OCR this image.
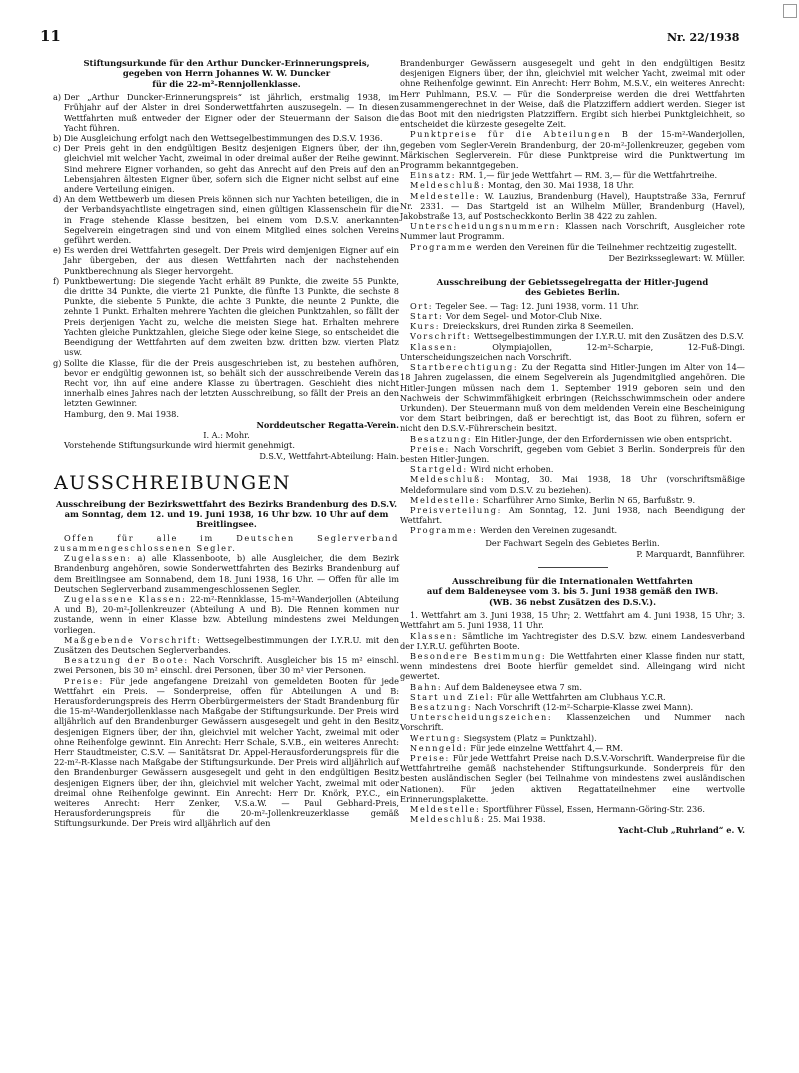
11	Nr. 22/1938
Stiftungsurkunde für den Arthur Duncker-Erinnerungspreis,
gegeben von Herrn Johannes W. W. Duncker
für die 22-m²-Rennjollenklasse.

a) Der „Arthur Duncker-Erinnerungspreis“ ist jährlich, erstmalig 1938, im Frühjahr auf der Alster in drei Sonderwettfahrten auszusegeln. — In diesen Wettfahrten muß entweder der Eigner oder der Steuermann der Saison die Yacht führen.

b) Die Ausgleichung erfolgt nach den Wettsegelbestimmungen des D.S.V. 1936.

c) Der Preis geht in den endgültigen Besitz desjenigen Eigners über, der ihn, gleichviel mit welcher Yacht, zweimal in oder dreimal außer der Reihe gewinnt. Sind mehrere Eigner vorhanden, so geht das Anrecht auf den Preis auf den an Lebensjahren ältesten Eigner über, sofern sich die Eigner nicht selbst auf eine andere Verteilung einigen.

d) An dem Wettbewerb um diesen Preis können sich nur Yachten beteiligen, die in der Verbandsyachtliste eingetragen sind, einen gültigen Klassenschein für die in Frage stehende Klasse besitzen, bei einem vom D.S.V. anerkannten Segelverein eingetragen sind und von einem Mitglied eines solchen Vereins geführt werden.

e) Es werden drei Wettfahrten gesegelt. Der Preis wird demjenigen Eigner auf ein Jahr übergeben, der aus diesen Wettfahrten nach der nachstehenden Punktberechnung als Sieger hervorgeht.

f) Punktbewertung: Die siegende Yacht erhält 89 Punkte, die zweite 55 Punkte, die dritte 34 Punkte, die vierte 21 Punkte, die fünfte 13 Punkte, die sechste 8 Punkte, die siebente 5 Punkte, die achte 3 Punkte, die neunte 2 Punkte, die zehnte 1 Punkt. Erhalten mehrere Yachten die gleichen Punktzahlen, so fällt der Preis derjenigen Yacht zu, welche die meisten Siege hat. Erhalten mehrere Yachten gleiche Punktzahlen, gleiche Siege oder keine Siege, so entscheidet die Beendigung der Wettfahrten auf dem zweiten bzw. dritten bzw. vierten Platz usw.

g) Sollte die Klasse, für die der Preis ausgeschrieben ist, zu bestehen aufhören, bevor er endgültig gewonnen ist, so behält sich der ausschreibende Verein das Recht vor, ihn auf eine andere Klasse zu übertragen. Geschieht dies nicht innerhalb eines Jahres nach der letzten Ausschreibung, so fällt der Preis an den letzten Gewinner.

Hamburg, den 9. Mai 1938.

Norddeutscher Regatta-Verein.

I. A.: Mohr.

Vorstehende Stiftungsurkunde wird hiermit genehmigt.

D.S.V., Wettfahrt-Abteilung: Hain.

AUSSCHREIBUNGEN
Ausschreibung der Bezirkswettfahrt des Bezirks Brandenburg des D.S.V. am Sonntag, dem 12. und 19. Juni 1938, 16 Uhr bzw. 10 Uhr auf dem Breitlingsee.

Offen für alle im Deutschen Seglerverband zusammengeschlossenen Segler.

Zugelassen: a) alle Klassenboote, b) alle Ausgleicher, die dem Bezirk Brandenburg angehören, sowie Sonderwettfahrten des Bezirks Brandenburg auf dem Breitlingsee am Sonnabend, dem 18. Juni 1938, 16 Uhr. — Offen für alle im Deutschen Seglerverband zusammengeschlossenen Segler.

Zugelassene Klassen: 22-m²-Rennklasse, 15-m²-Wanderjollen (Abteilung A und B), 20-m²-Jollenkreuzer (Abteilung A und B). Die Rennen kommen nur zustande, wenn in einer Klasse bzw. Abteilung mindestens zwei Meldungen vorliegen.

Maßgebende Vorschrift: Wettsegelbestimmungen der I.Y.R.U. mit den Zusätzen des Deutschen Seglerverbandes.

Besatzung der Boote: Nach Vorschrift. Ausgleicher bis 15 m² einschl. zwei Personen, bis 30 m² einschl. drei Personen, über 30 m² vier Personen.

Preise: Für jede angefangene Dreizahl von gemeldeten Booten für jede Wettfahrt ein Preis. — Sonderpreise, offen für Abteilungen A und B: Herausforderungspreis des Herrn Oberbürgermeisters der Stadt Brandenburg für die 15-m²-Wanderjollenklasse nach Maßgabe der Stiftungsurkunde. Der Preis wird alljährlich auf den Brandenburger Gewässern ausgesegelt und geht in den Besitz desjenigen Eigners über, der ihn, gleichviel mit welcher Yacht, zweimal mit oder ohne Reihenfolge gewinnt. Ein Anrecht: Herr Schale, S.V.B., ein weiteres Anrecht: Herr Staudtmeister, C.S.V. — Sanitätsrat Dr. Appel-Herausforderungspreis für die 22-m²-R-Klasse nach Maßgabe der Stiftungsurkunde. Der Preis wird alljährlich auf den Brandenburger Gewässern ausgesegelt und geht in den endgültigen Besitz desjenigen Eigners über, der ihn, gleichviel mit welcher Yacht, zweimal mit oder dreimal ohne Reihenfolge gewinnt. Ein Anrecht: Herr Dr. Knörk, P.Y.C., ein weiteres Anrecht: Herr Zenker, V.S.a.W. — Paul Gebhard-Preis, Herausforderungspreis für die 20-m²-Jollenkreuzerklasse gemäß Stiftungsurkunde. Der Preis wird alljährlich auf den

Brandenburger Gewässern ausgesegelt und geht in den endgültigen Besitz desjenigen Eigners über, der ihn, gleichviel mit welcher Yacht, zweimal mit oder ohne Reihenfolge gewinnt. Ein Anrecht: Herr Bohm, M.S.V., ein weiteres Anrecht: Herr Puhlmann, P.S.V. — Für die Sonderpreise werden die drei Wettfahrten zusammengerechnet in der Weise, daß die Platzziffern addiert werden. Sieger ist das Boot mit den niedrigsten Platzziffern. Ergibt sich hierbei Punktgleichheit, so entscheidet die kürzeste gesegelte Zeit.

Punktpreise für die Abteilungen B der 15-m²-Wanderjollen, gegeben vom Segler-Verein Brandenburg, der 20-m²-Jollenkreuzer, gegeben vom Märkischen Seglerverein. Für diese Punktpreise wird die Punktwertung im Programm bekanntgegeben.

Einsatz: RM. 1,— für jede Wettfahrt — RM. 3,— für die Wettfahrtreihe.

Meldeschluß: Montag, den 30. Mai 1938, 18 Uhr.

Meldestelle: W. Lauzius, Brandenburg (Havel), Hauptstraße 33a, Fernruf Nr. 2331. — Das Startgeld ist an Wilhelm Müller, Brandenburg (Havel), Jakobstraße 13, auf Postscheckkonto Berlin 38 422 zu zahlen.

Unterscheidungsnummern: Klassen nach Vorschrift, Ausgleicher rote Nummer laut Programm.

Programme werden den Vereinen für die Teilnehmer rechtzeitig zugestellt.

Der Bezirksseglewart: W. Müller.

Ausschreibung der Gebietssegelregatta der Hitler-Jugend
des Gebietes Berlin.

Ort: Tegeler See. — Tag: 12. Juni 1938, vorm. 11 Uhr.

Start: Vor dem Segel- und Motor-Club Nixe.

Kurs: Dreieckskurs, drei Runden zirka 8 Seemeilen.

Vorschrift: Wettsegelbestimmungen der I.Y.R.U. mit den Zusätzen des D.S.V.

Klassen: Olympiajollen, 12-m²-Scharpie, 12-Fuß-Dingi. Unterscheidungszeichen nach Vorschrift.

Startberechtigung: Zu der Regatta sind Hitler-Jungen im Alter von 14—18 Jahren zugelassen, die einem Segelverein als Jugendmitglied angehören. Die Hitler-Jungen müssen nach dem 1. September 1919 geboren sein und den Nachweis der Schwimmfähigkeit erbringen (Reichsschwimmschein oder andere Urkunden). Der Steuermann muß von dem meldenden Verein eine Bescheinigung vor dem Start beibringen, daß er berechtigt ist, das Boot zu führen, sofern er nicht den D.S.V.-Führerschein besitzt.

Besatzung: Ein Hitler-Junge, der den Erfordernissen wie oben entspricht.

Preise: Nach Vorschrift, gegeben vom Gebiet 3 Berlin. Sonderpreis für den besten Hitler-Jungen.

Startgeld: Wird nicht erhoben.

Meldeschluß: Montag, 30. Mai 1938, 18 Uhr (vorschriftsmäßige Meldeformulare sind vom D.S.V. zu beziehen).

Meldestelle: Scharführer Arno Simke, Berlin N 65, Barfußstr. 9.

Preisverteilung: Am Sonntag, 12. Juni 1938, nach Beendigung der Wettfahrt.

Programme: Werden den Vereinen zugesandt.

Der Fachwart Segeln des Gebietes Berlin.

P. Marquardt, Bannführer.

Ausschreibung für die Internationalen Wettfahrten
auf dem Baldeneysee vom 3. bis 5. Juni 1938 gemäß den IWB.
(WB. 36 nebst Zusätzen des D.S.V.).

1. Wettfahrt am 3. Juni 1938, 15 Uhr; 2. Wettfahrt am 4. Juni 1938, 15 Uhr; 3. Wettfahrt am 5. Juni 1938, 11 Uhr.

Klassen: Sämtliche im Yachtregister des D.S.V. bzw. einem Landesverband der I.Y.R.U. geführten Boote.

Besondere Bestimmung: Die Wettfahrten einer Klasse finden nur statt, wenn mindestens drei Boote hierfür gemeldet sind. Alleingang wird nicht gewertet.

Bahn: Auf dem Baldeneysee etwa 7 sm.

Start und Ziel: Für alle Wettfahrten am Clubhaus Y.C.R.

Besatzung: Nach Vorschrift (12-m²-Scharpie-Klasse zwei Mann).

Unterscheidungszeichen: Klassenzeichen und Nummer nach Vorschrift.

Wertung: Siegsystem (Platz = Punktzahl).

Nenngeld: Für jede einzelne Wettfahrt 4,— RM.

Preise: Für jede Wettfahrt Preise nach D.S.V.-Vorschrift. Wanderpreise für die Wettfahrtreihe gemäß nachstehender Stiftungsurkunde. Sonderpreis für den besten ausländischen Segler (bei Teilnahme von mindestens zwei ausländischen Nationen). Für jeden aktiven Regattateilnehmer eine wertvolle Erinnerungsplakette.

Meldestelle: Sportführer Füssel, Essen, Hermann-Göring-Str. 236.

Meldeschluß: 25. Mai 1938.

Yacht-Club „Ruhrland“ e. V.
